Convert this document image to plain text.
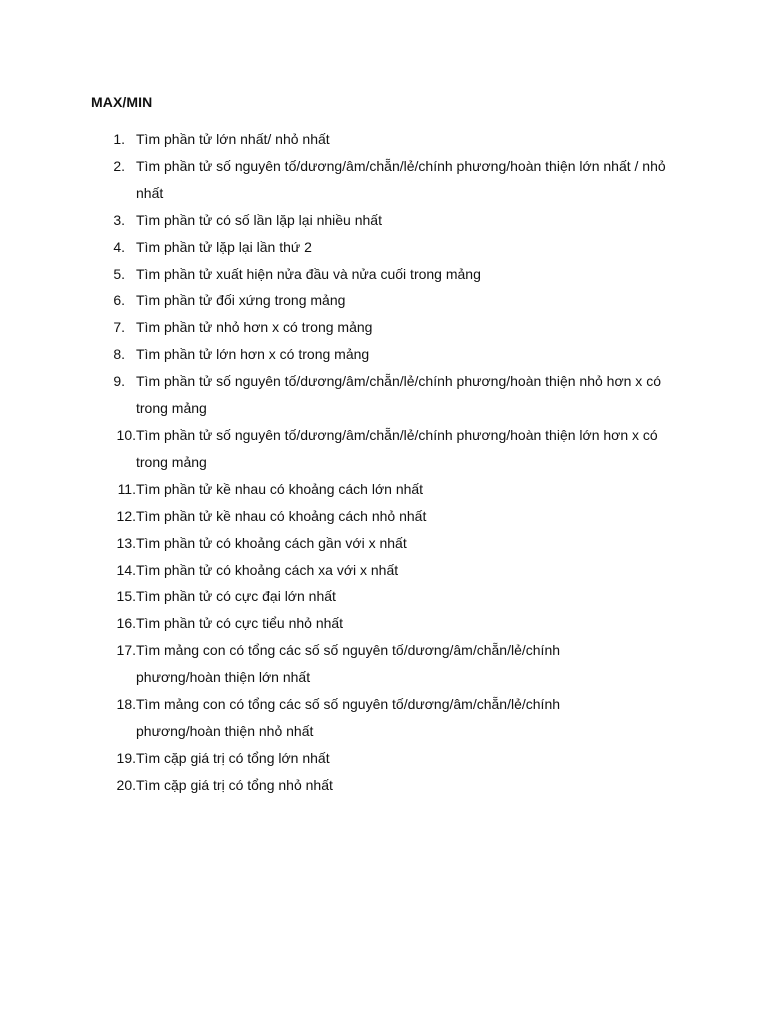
MAX/MIN
1. Tìm phần tử lớn nhất/ nhỏ nhất
2. Tìm phần tử số nguyên tố/dương/âm/chẵn/lẻ/chính phương/hoàn thiện lớn nhất / nhỏ nhất
3. Tìm phần tử có số lần lặp lại nhiều nhất
4. Tìm phần tử lặp lại lần thứ 2
5. Tìm phần tử xuất hiện nửa đầu và nửa cuối trong mảng
6. Tìm phần tử đối xứng trong mảng
7. Tìm phần tử nhỏ hơn x có trong mảng
8. Tìm phần tử lớn hơn x có trong mảng
9. Tìm phần tử số nguyên tố/dương/âm/chẵn/lẻ/chính phương/hoàn thiện nhỏ hơn x có trong mảng
10. Tìm phần tử số nguyên tố/dương/âm/chẵn/lẻ/chính phương/hoàn thiện lớn hơn x có trong mảng
11. Tìm phần tử kề nhau có khoảng cách lớn nhất
12. Tìm phần tử kề nhau có khoảng cách nhỏ nhất
13. Tìm phần tử có khoảng cách gần với x nhất
14. Tìm phần tử có khoảng cách xa với x nhất
15. Tìm phần tử có cực đại lớn nhất
16. Tìm phần tử có cực tiểu nhỏ nhất
17. Tìm mảng con có tổng các số số nguyên tố/dương/âm/chẵn/lẻ/chính phương/hoàn thiện lớn nhất
18. Tìm mảng con có tổng các số số nguyên tố/dương/âm/chẵn/lẻ/chính phương/hoàn thiện nhỏ nhất
19. Tìm cặp giá trị có tổng lớn nhất
20. Tìm cặp giá trị có tổng nhỏ nhất
